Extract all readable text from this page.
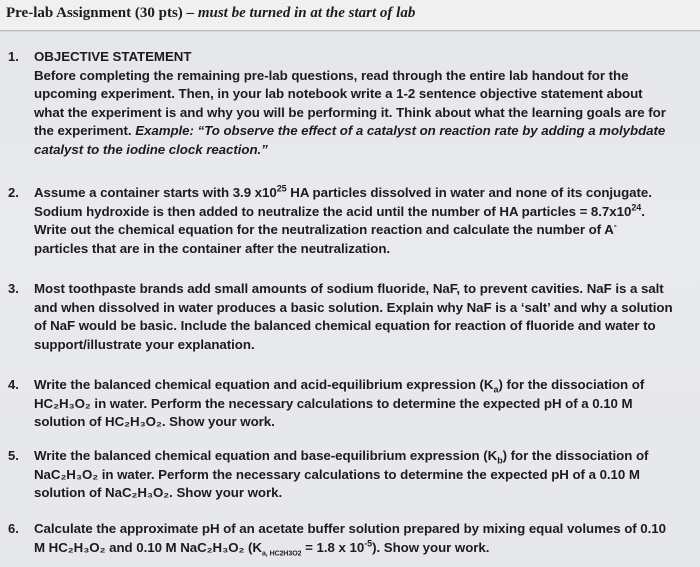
Pre-lab Assignment (30 pts) – must be turned in at the start of lab
1. OBJECTIVE STATEMENT
Before completing the remaining pre-lab questions, read through the entire lab handout for the upcoming experiment. Then, in your lab notebook write a 1-2 sentence objective statement about what the experiment is and why you will be performing it. Think about what the learning goals are for the experiment. Example: “To observe the effect of a catalyst on reaction rate by adding a molybdate catalyst to the iodine clock reaction.”
2. Assume a container starts with 3.9 $x10^{25}$ HA particles dissolved in water and none of its conjugate. Sodium hydroxide is then added to neutralize the acid until the number of HA particles = $8.7x10^{24}$. Write out the chemical equation for the neutralization reaction and calculate the number of A- particles that are in the container after the neutralization.
3. Most toothpaste brands add small amounts of sodium fluoride, NaF, to prevent cavities. NaF is a salt and when dissolved in water produces a basic solution. Explain why NaF is a ‘salt’ and why a solution of NaF would be basic. Include the balanced chemical equation for reaction of fluoride and water to support/illustrate your explanation.
4. Write the balanced chemical equation and acid-equilibrium expression $(K_a)$ for the dissociation of HC₂H₃O₂ in water. Perform the necessary calculations to determine the expected pH of a 0.10 M solution of HC₂H₃O₂. Show your work.
5. Write the balanced chemical equation and base-equilibrium expression $(K_b)$ for the dissociation of NaC₂H₃O₂ in water. Perform the necessary calculations to determine the expected pH of a 0.10 M solution of NaC₂H₃O₂. Show your work.
6. Calculate the approximate pH of an acetate buffer solution prepared by mixing equal volumes of 0.10 M HC₂H₃O₂ and 0.10 M NaC₂H₃O₂ ($K_{a, HC2H3O2} = 1.8$ x $10^{-5}$). Show your work.
